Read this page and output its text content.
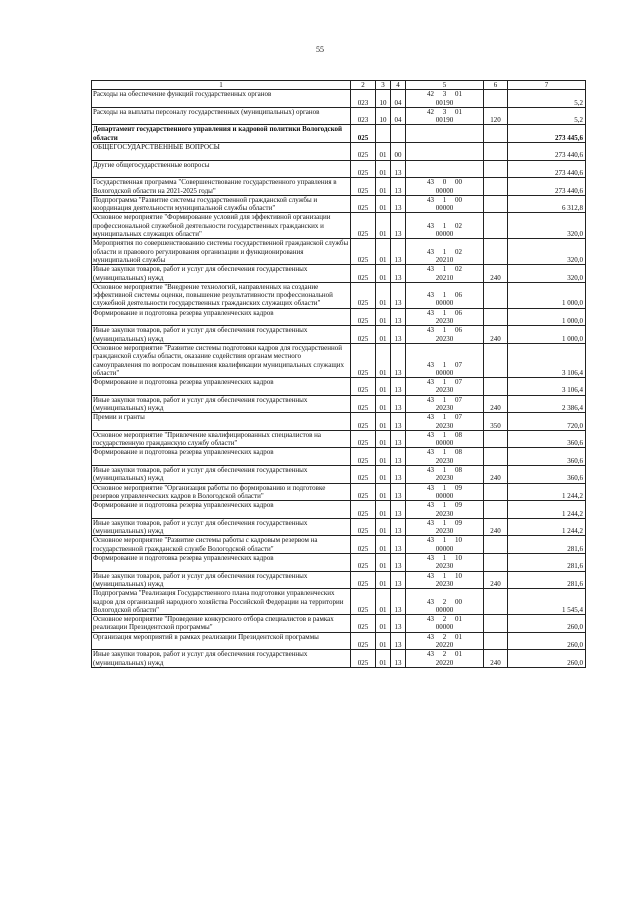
55
1	2	3	4	5	6	7
Расходы на обеспечение функций государственных органов	023	10	04	42 3 0100190		5,2
Расходы на выплаты персоналу государственных (муниципальных) органов	023	10	04	42 3 0100190	120	5,2
Департамент государственного управления и кадровой политики Вологодской области	025					273 445,6
ОБЩЕГОСУДАРСТВЕННЫЕ ВОПРОСЫ	025	01	00			273 440,6
Другие общегосударственные вопросы	025	01	13			273 440,6
Государственная программа "Совершенствование государственного управления в Вологодской области на 2021-2025 годы"	025	01	13	43 0 0000000		273 440,6
Подпрограмма "Развитие системы государственной гражданской службы и координация деятельности муниципальной службы области"	025	01	13	43 1 0000000		6 312,8
Основное мероприятие "Формирование условий для эффективной организации профессиональной служебной деятельности государственных гражданских и муниципальных служащих области"	025	01	13	43 1 0200000		320,0
Мероприятия по совершенствованию системы государственной гражданской службы области и правового регулирования организации и функционирования муниципальной службы	025	01	13	43 1 0220210		320,0
Иные закупки товаров, работ и услуг для обеспечения государственных (муниципальных) нужд	025	01	13	43 1 0220210	240	320,0
Основное мероприятие "Внедрение технологий, направленных на создание эффективной системы оценки, повышение результативности профессиональной служебной деятельности государственных гражданских служащих области"	025	01	13	43 1 0600000		1 000,0
Формирование и подготовка резерва управленческих кадров	025	01	13	43 1 0620230		1 000,0
Иные закупки товаров, работ и услуг для обеспечения государственных (муниципальных) нужд	025	01	13	43 1 0620230	240	1 000,0
Основное мероприятие "Развитие системы подготовки кадров для государственной гражданской службы области, оказание содействия органам местного самоуправления по вопросам повышения квалификации муниципальных служащих области"	025	01	13	43 1 0700000		3 106,4
Формирование и подготовка резерва управленческих кадров	025	01	13	43 1 0720230		3 106,4
Иные закупки товаров, работ и услуг для обеспечения государственных (муниципальных) нужд	025	01	13	43 1 0720230	240	2 386,4
Премии и гранты	025	01	13	43 1 0720230	350	720,0
Основное мероприятие "Привлечение квалифицированных специалистов на государственную гражданскую службу области"	025	01	13	43 1 0800000		360,6
Формирование и подготовка резерва управленческих кадров	025	01	13	43 1 0820230		360,6
Иные закупки товаров, работ и услуг для обеспечения государственных (муниципальных) нужд	025	01	13	43 1 0820230	240	360,6
Основное мероприятие "Организация работы по формированию и подготовке резервов управленческих кадров в Вологодской области"	025	01	13	43 1 0900000		1 244,2
Формирование и подготовка резерва управленческих кадров	025	01	13	43 1 0920230		1 244,2
Иные закупки товаров, работ и услуг для обеспечения государственных (муниципальных) нужд	025	01	13	43 1 0920230	240	1 244,2
Основное мероприятие "Развитие системы работы с кадровым резервом на государственной гражданской службе Вологодской области"	025	01	13	43 1 1000000		281,6
Формирование и подготовка резерва управленческих кадров	025	01	13	43 1 1020230		281,6
Иные закупки товаров, работ и услуг для обеспечения государственных (муниципальных) нужд	025	01	13	43 1 1020230	240	281,6
Подпрограмма "Реализация Государственного плана подготовки управленческих кадров для организаций народного хозяйства Российской Федерации на территории Вологодской области"	025	01	13	43 2 0000000		1 545,4
Основное мероприятие "Проведение конкурсного отбора специалистов в рамках реализации Президентской программы"	025	01	13	43 2 0100000		260,0
Организация мероприятий в рамках реализации Президентской программы	025	01	13	43 2 0120220		260,0
Иные закупки товаров, работ и услуг для обеспечения государственных (муниципальных) нужд	025	01	13	43 2 0120220	240	260,0
